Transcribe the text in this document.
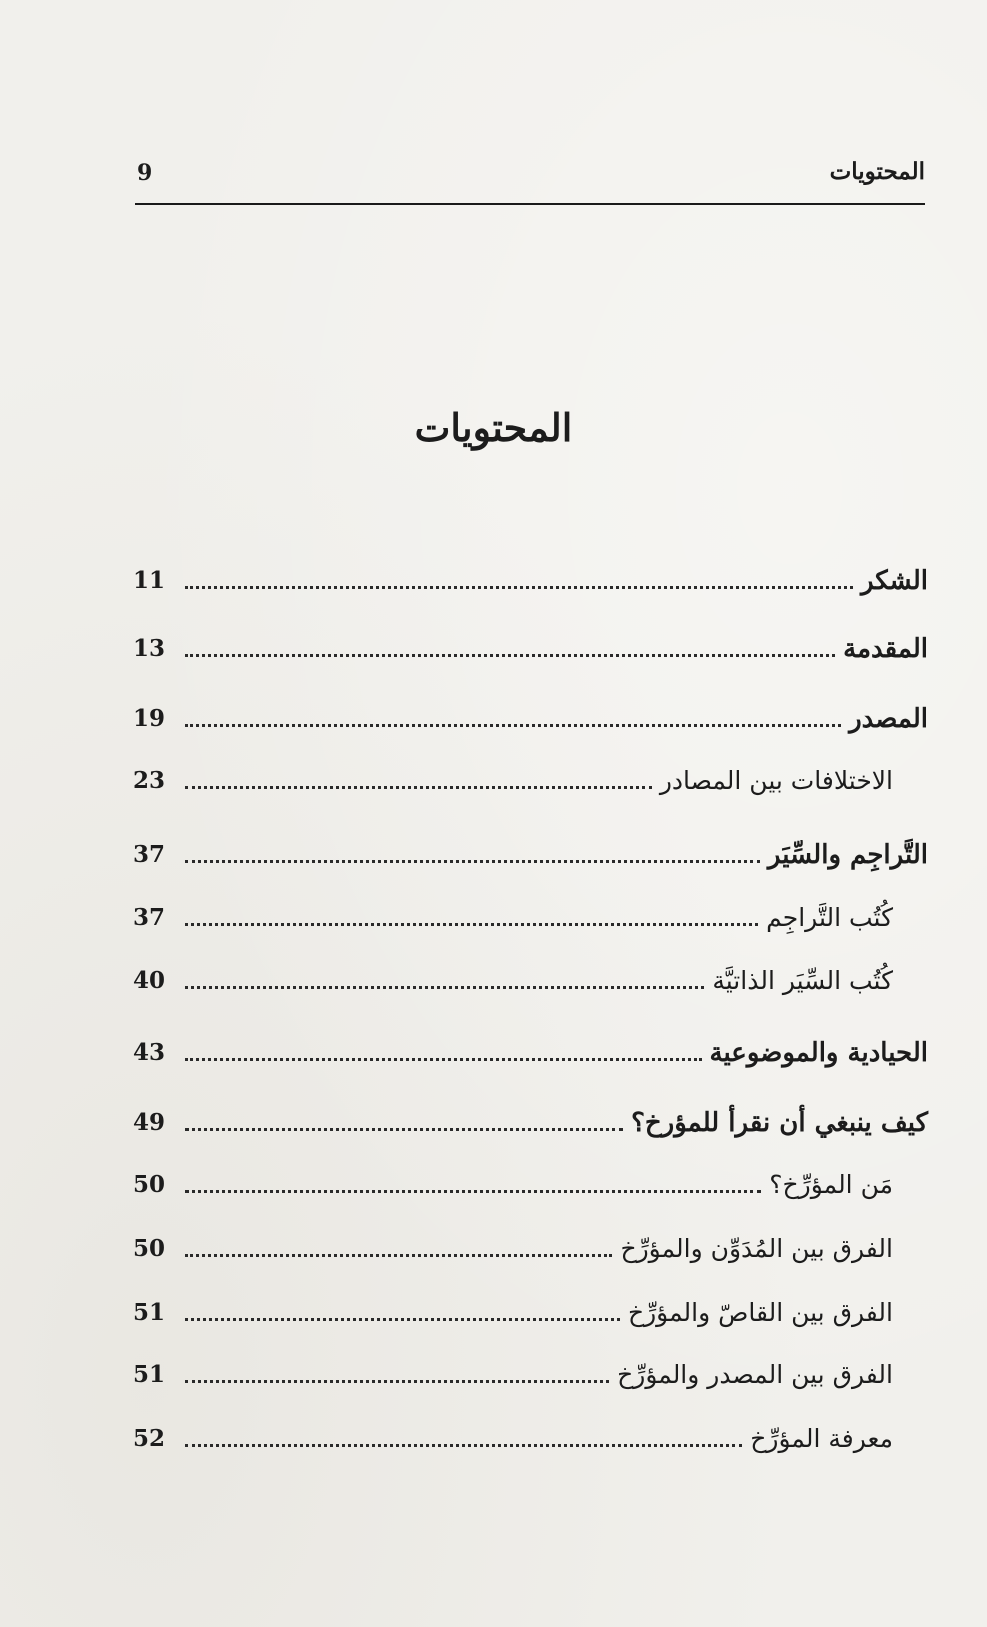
المحتويات
9
المحتويات
الشكر
11
المقدمة
13
المصدر
19
الاختلافات بين المصادر
23
التَّراجِم والسِّيَر
37
كُتُب التَّراجِم
37
كُتُب السِّيَر الذاتيَّة
40
الحيادية والموضوعية
43
كيف ينبغي أن نقرأ للمؤرخ؟
49
مَن المؤرِّخ؟
50
الفرق بين المُدَوِّن والمؤرِّخ
50
الفرق بين القاصّ والمؤرِّخ
51
الفرق بين المصدر والمؤرِّخ
51
معرفة المؤرِّخ
52
